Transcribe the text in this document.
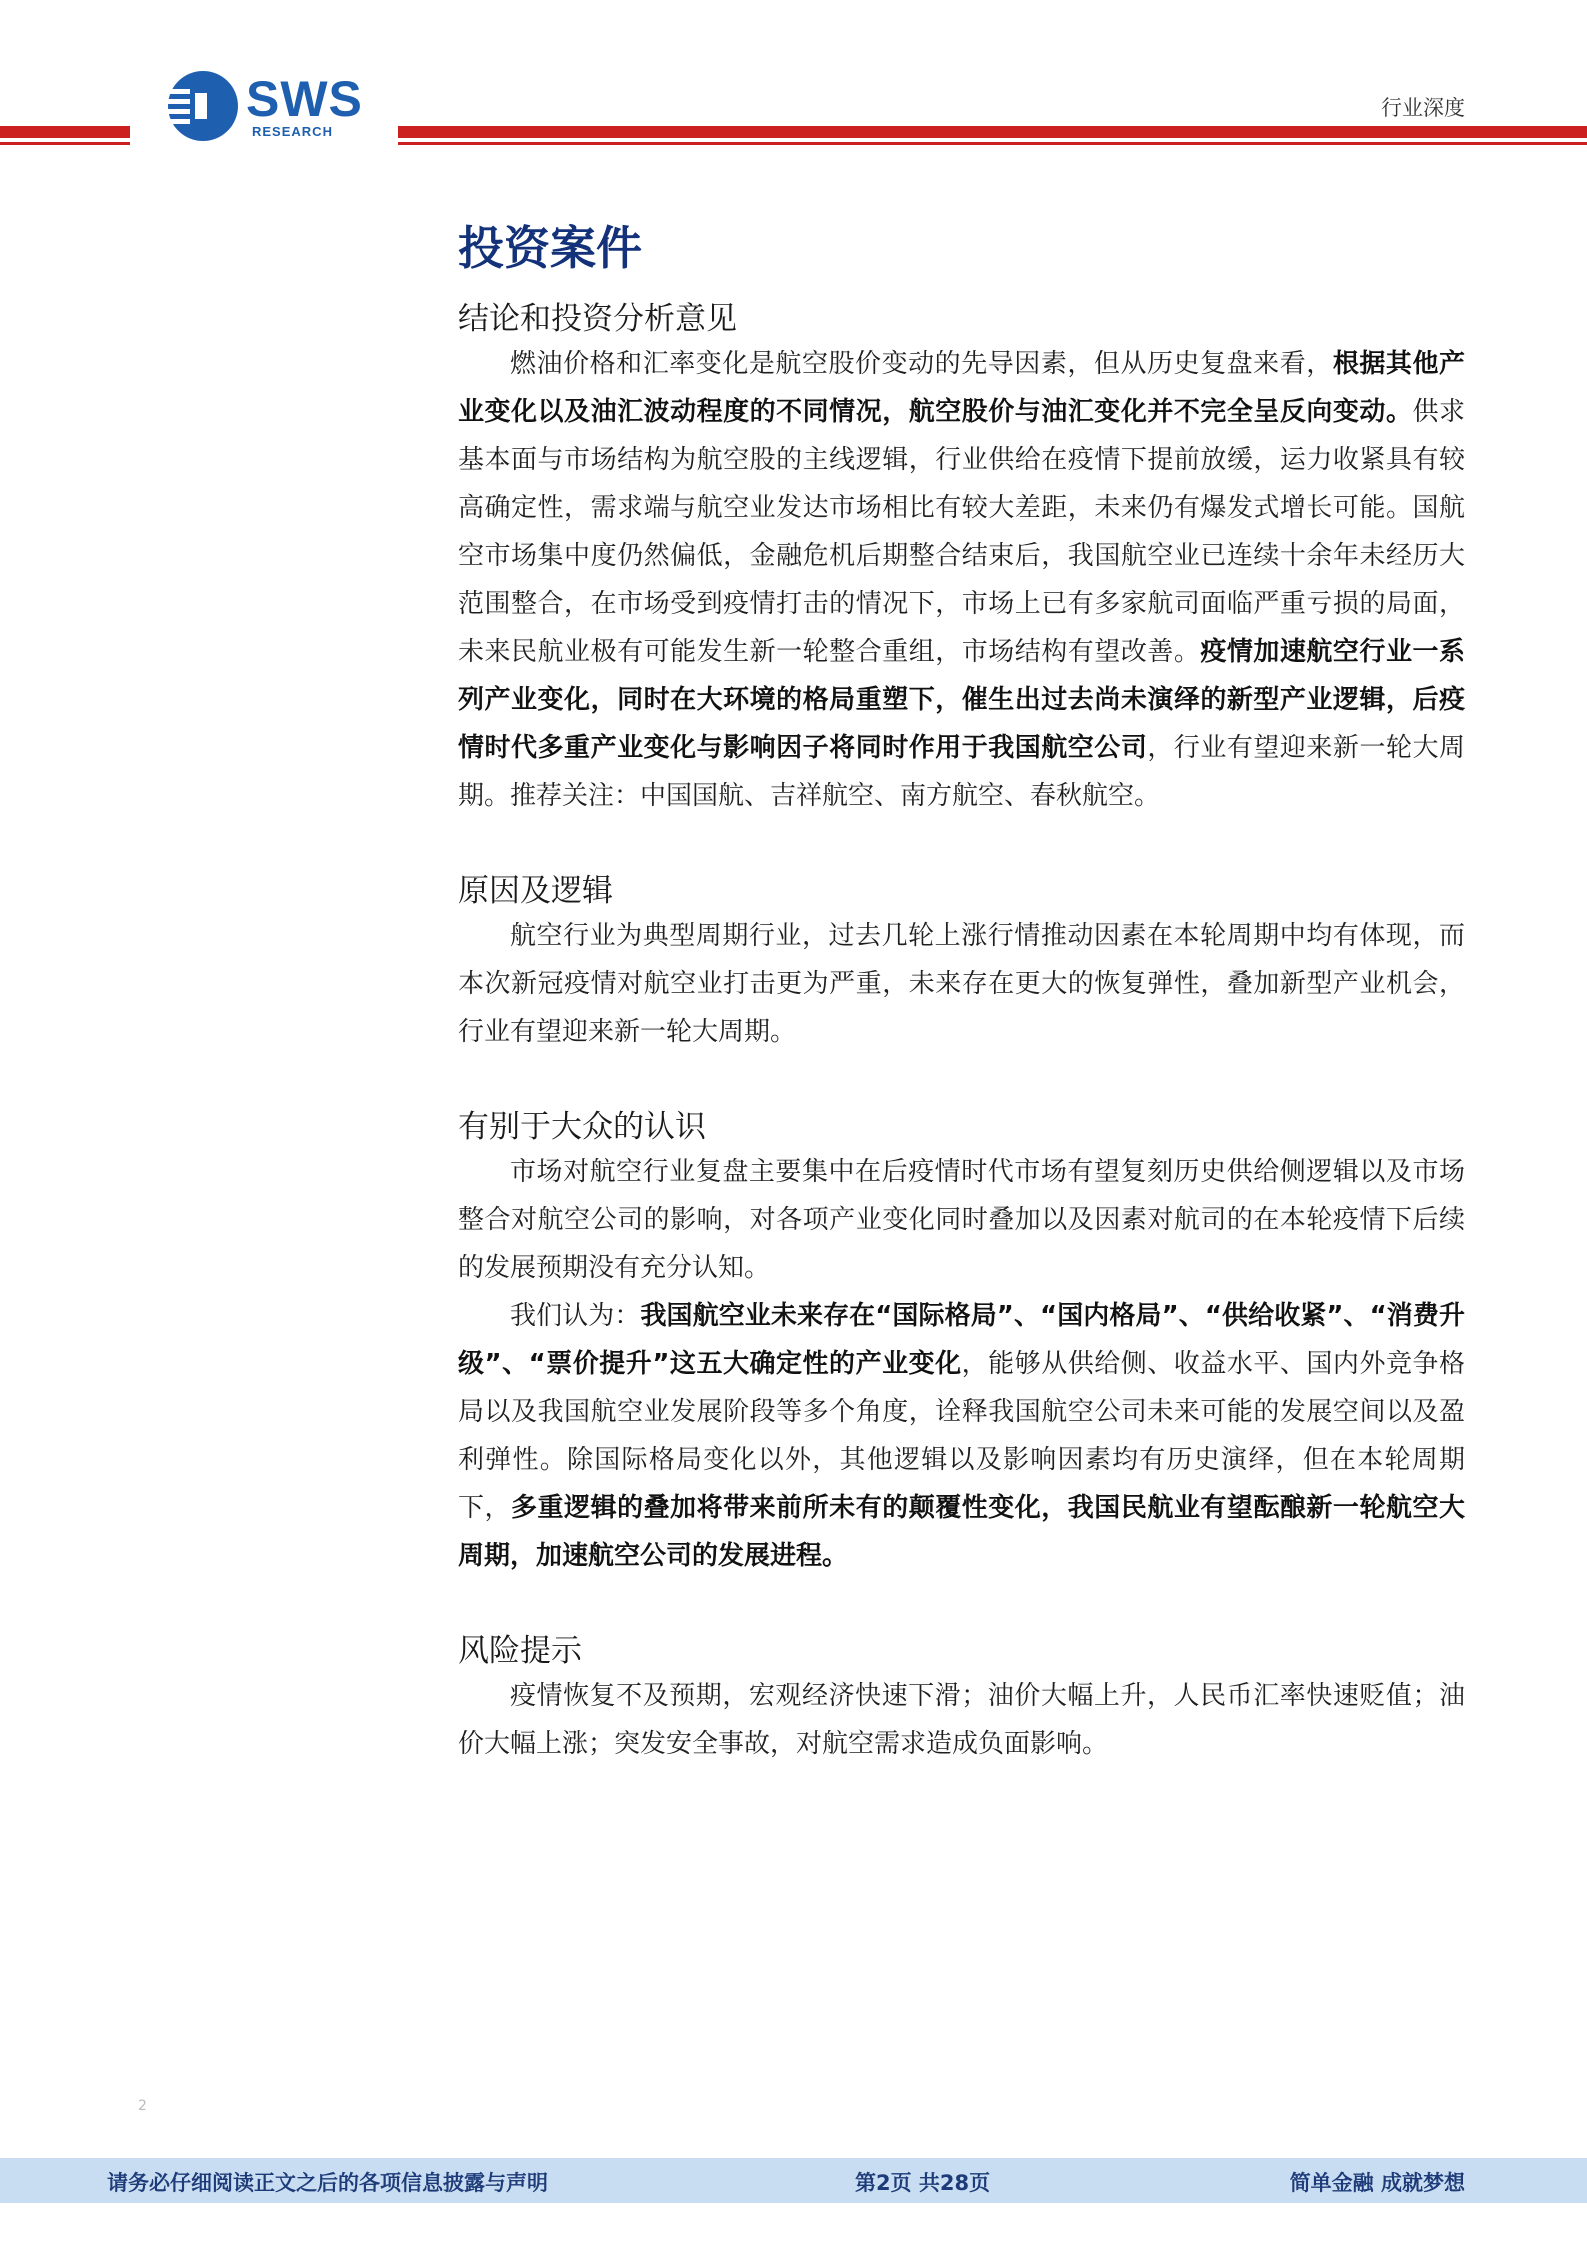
SWS
RESEARCH
行业深度
投资案件
结论和投资分析意见

燃油价格和汇率变化是航空股价变动的先导因素，但从历史复盘来看，根据其他产业变化以及油汇波动程度的不同情况，航空股价与油汇变化并不完全呈反向变动。供求基本面与市场结构为航空股的主线逻辑，行业供给在疫情下提前放缓，运力收紧具有较高确定性，需求端与航空业发达市场相比有较大差距，未来仍有爆发式增长可能。国航空市场集中度仍然偏低，金融危机后期整合结束后，我国航空业已连续十余年未经历大范围整合，在市场受到疫情打击的情况下，市场上已有多家航司面临严重亏损的局面，未来民航业极有可能发生新一轮整合重组，市场结构有望改善。疫情加速航空行业一系列产业变化，同时在大环境的格局重塑下，催生出过去尚未演绎的新型产业逻辑，后疫情时代多重产业变化与影响因子将同时作用于我国航空公司，行业有望迎来新一轮大周期。推荐关注：中国国航、吉祥航空、南方航空、春秋航空。

原因及逻辑

航空行业为典型周期行业，过去几轮上涨行情推动因素在本轮周期中均有体现，而本次新冠疫情对航空业打击更为严重，未来存在更大的恢复弹性，叠加新型产业机会，行业有望迎来新一轮大周期。

有别于大众的认识

市场对航空行业复盘主要集中在后疫情时代市场有望复刻历史供给侧逻辑以及市场整合对航空公司的影响，对各项产业变化同时叠加以及因素对航司的在本轮疫情下后续的发展预期没有充分认知。

我们认为：我国航空业未来存在“国际格局”、“国内格局”、“供给收紧”、“消费升级”、“票价提升”这五大确定性的产业变化，能够从供给侧、收益水平、国内外竞争格局以及我国航空业发展阶段等多个角度，诠释我国航空公司未来可能的发展空间以及盈利弹性。除国际格局变化以外，其他逻辑以及影响因素均有历史演绎，但在本轮周期下，多重逻辑的叠加将带来前所未有的颠覆性变化，我国民航业有望酝酿新一轮航空大周期，加速航空公司的发展进程。

风险提示

疫情恢复不及预期，宏观经济快速下滑；油价大幅上升，人民币汇率快速贬值；油价大幅上涨；突发安全事故，对航空需求造成负面影响。

2
请务必仔细阅读正文之后的各项信息披露与声明	第2页 共28页	简单金融 成就梦想
